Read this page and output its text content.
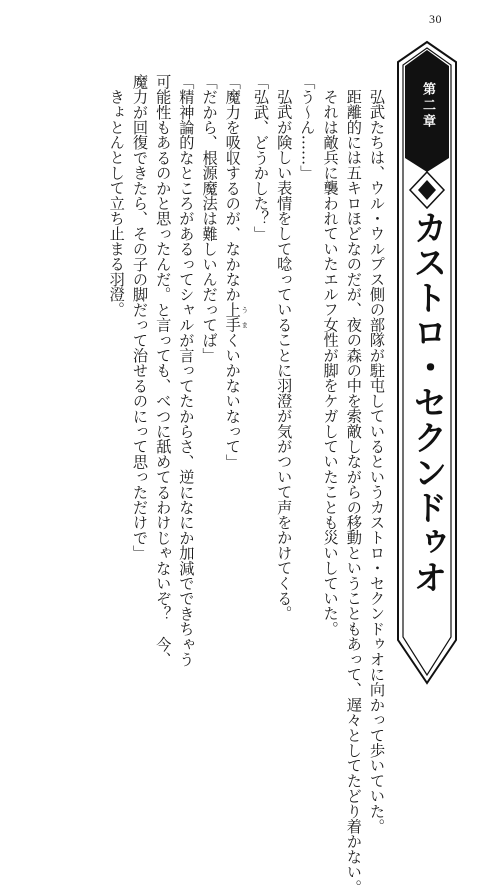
30
第二章
カストロ・セクンドゥオ

弘武たちは、ウル・ウルプス側の部隊が駐屯しているというカストロ・セクンドゥオに向かって歩いていた。

距離的には五キロほどなのだが、夜の森の中を索敵しながらの移動ということもあって、遅々としてたどり着かない。

それは敵兵に襲われていたエルフ女性が脚をケガしていたことも災いしていた。

「う～ん……」

弘武が険しい表情をして唸っていることに羽澄が気がついて声をかけてくる。

「弘武、どうかした？」

「魔力を吸収するのが、なかなか上手 うまくいかないなって」

「だから、根源魔法は難しいんだってば」

「精神論的なところがあるってシャルが言ってたからさ、逆になにか加減でできちゃう可能性もあるのかと思ったんだ。と言っても、べつに舐めてるわけじゃないぞ？　今、魔力が回復できたら、その子の脚だって治せるのにって思っただけで」

きょとんとして立ち止まる羽澄。
